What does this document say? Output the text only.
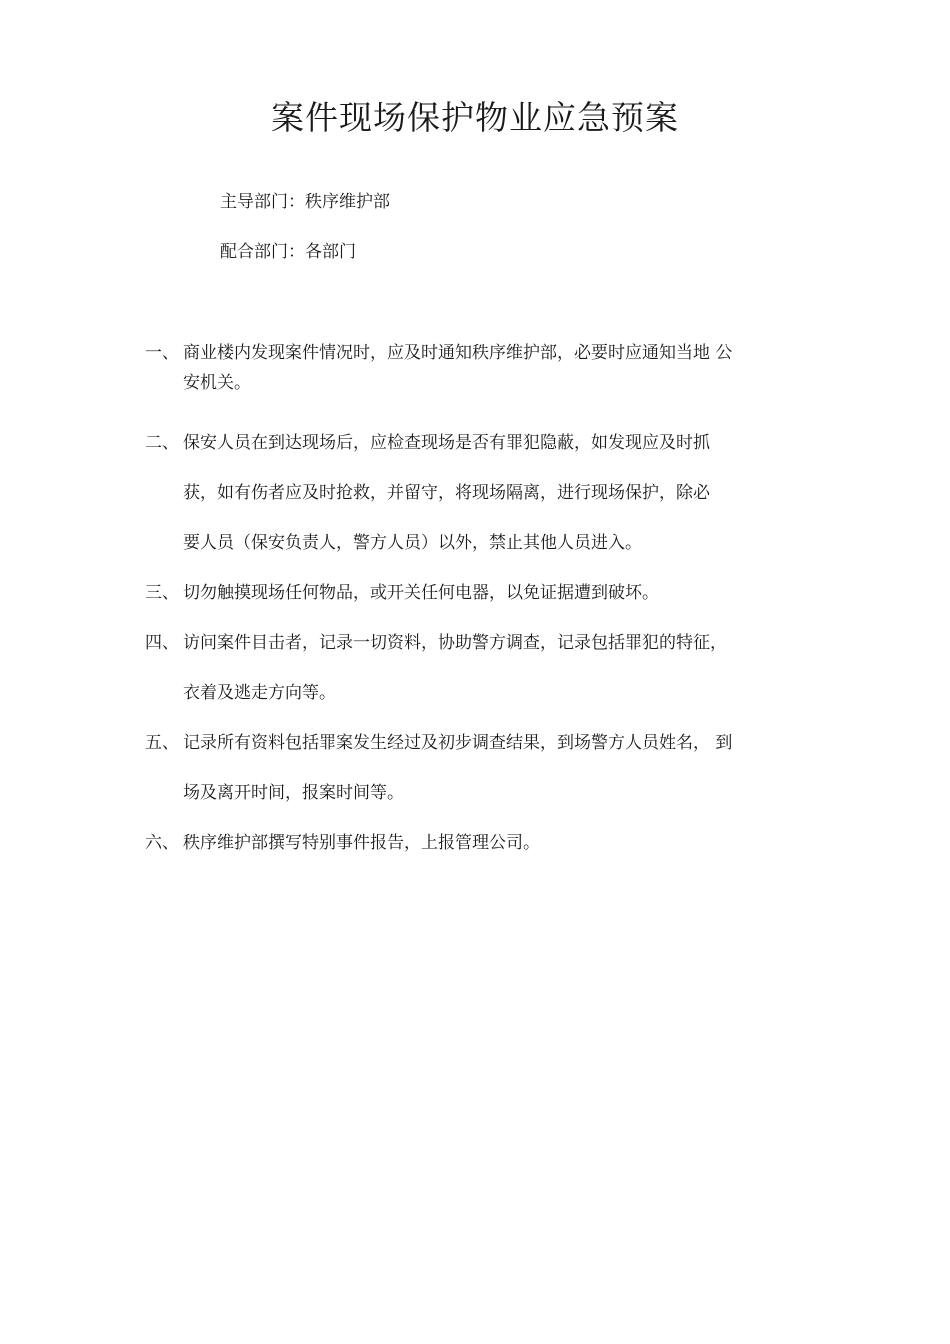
案件现场保护物业应急预案
主导部门：秩序维护部
配合部门：各部门
一、 商业楼内发现案件情况时，应及时通知秩序维护部，必要时应通知当地 公
安机关。

二、 保安人员在到达现场后，应检查现场是否有罪犯隐蔽，如发现应及时抓
获，如有伤者应及时抢救，并留守，将现场隔离，进行现场保护，除必
要人员（保安负责人，警方人员）以外，禁止其他人员进入。

三、 切勿触摸现场任何物品，或开关任何电器，以免证据遭到破坏。

四、 访问案件目击者，记录一切资料，协助警方调查，记录包括罪犯的特征，
衣着及逃走方向等。

五、 记录所有资料包括罪案发生经过及初步调查结果，到场警方人员姓名， 到
场及离开时间，报案时间等。

六、 秩序维护部撰写特别事件报告，上报管理公司。
